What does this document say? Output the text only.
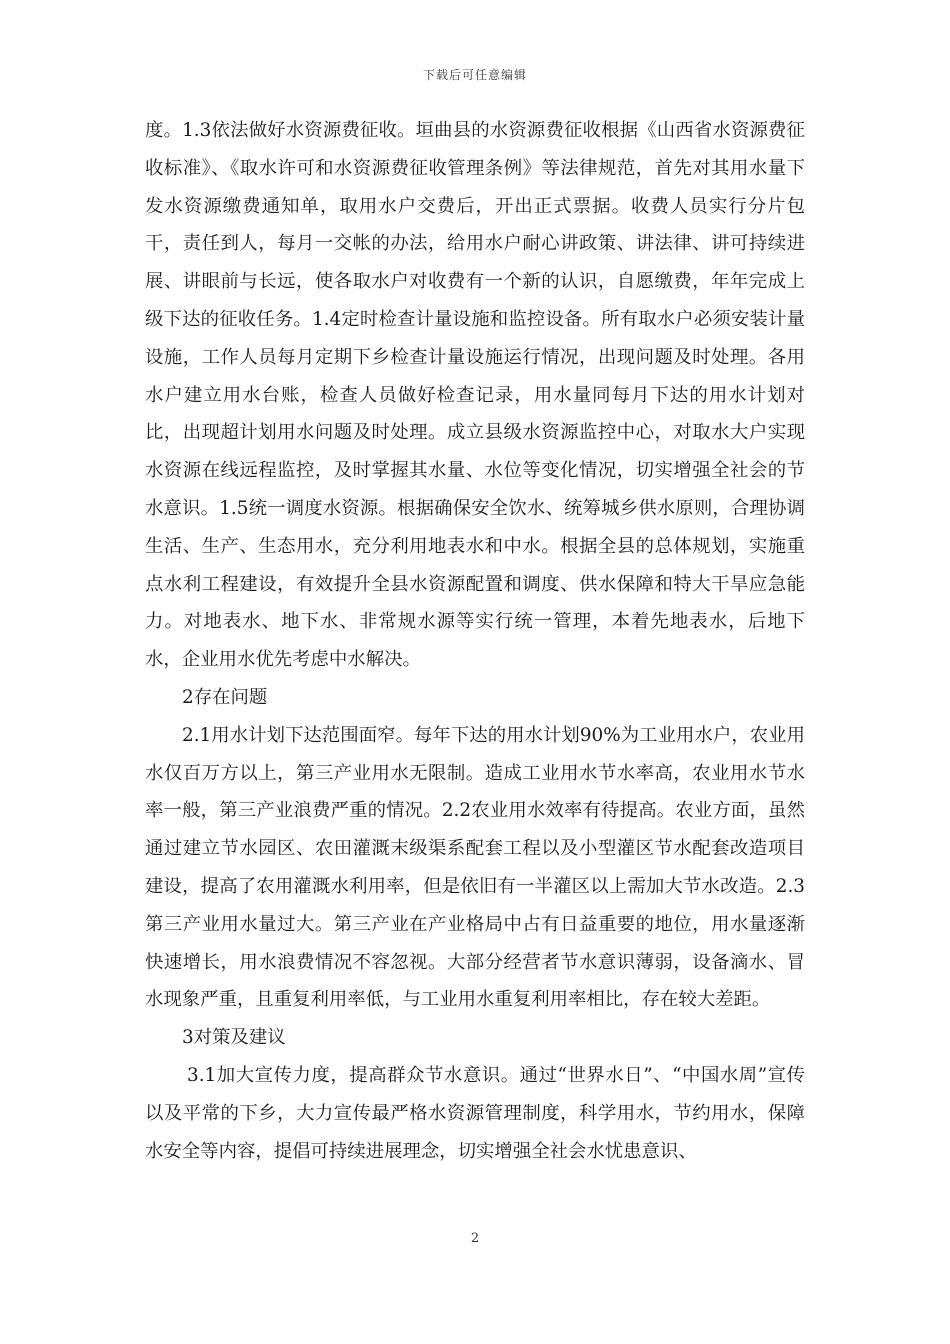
下载后可任意编辑

度。1.3依法做好水资源费征收。垣曲县的水资源费征收根据《山西省水资源费征收标准》、《取水许可和水资源费征收管理条例》等法律规范，首先对其用水量下发水资源缴费通知单，取用水户交费后，开出正式票据。收费人员实行分片包干，责任到人，每月一交帐的办法，给用水户耐心讲政策、讲法律、讲可持续进展、讲眼前与长远，使各取水户对收费有一个新的认识，自愿缴费，年年完成上级下达的征收任务。1.4定时检查计量设施和监控设备。所有取水户必须安装计量设施，工作人员每月定期下乡检查计量设施运行情况，出现问题及时处理。各用水户建立用水台账，检查人员做好检查记录，用水量同每月下达的用水计划对比，出现超计划用水问题及时处理。成立县级水资源监控中心，对取水大户实现水资源在线远程监控，及时掌握其水量、水位等变化情况，切实增强全社会的节水意识。1.5统一调度水资源。根据确保安全饮水、统筹城乡供水原则，合理协调生活、生产、生态用水，充分利用地表水和中水。根据全县的总体规划，实施重点水利工程建设，有效提升全县水资源配置和调度、供水保障和特大干旱应急能力。对地表水、地下水、非常规水源等实行统一管理，本着先地表水，后地下水，企业用水优先考虑中水解决。

2存在问题

2.1用水计划下达范围面窄。每年下达的用水计划90%为工业用水户，农业用水仅百万方以上，第三产业用水无限制。造成工业用水节水率高，农业用水节水率一般，第三产业浪费严重的情况。2.2农业用水效率有待提高。农业方面，虽然通过建立节水园区、农田灌溉末级渠系配套工程以及小型灌区节水配套改造项目建设，提高了农用灌溉水利用率，但是依旧有一半灌区以上需加大节水改造。2.3第三产业用水量过大。第三产业在产业格局中占有日益重要的地位，用水量逐渐快速增长，用水浪费情况不容忽视。大部分经营者节水意识薄弱，设备滴水、冒水现象严重，且重复利用率低，与工业用水重复利用率相比，存在较大差距。

3对策及建议

3.1加大宣传力度，提高群众节水意识。通过“世界水日”、“中国水周”宣传以及平常的下乡，大力宣传最严格水资源管理制度，科学用水，节约用水，保障水安全等内容，提倡可持续进展理念，切实增强全社会水忧患意识、

2
